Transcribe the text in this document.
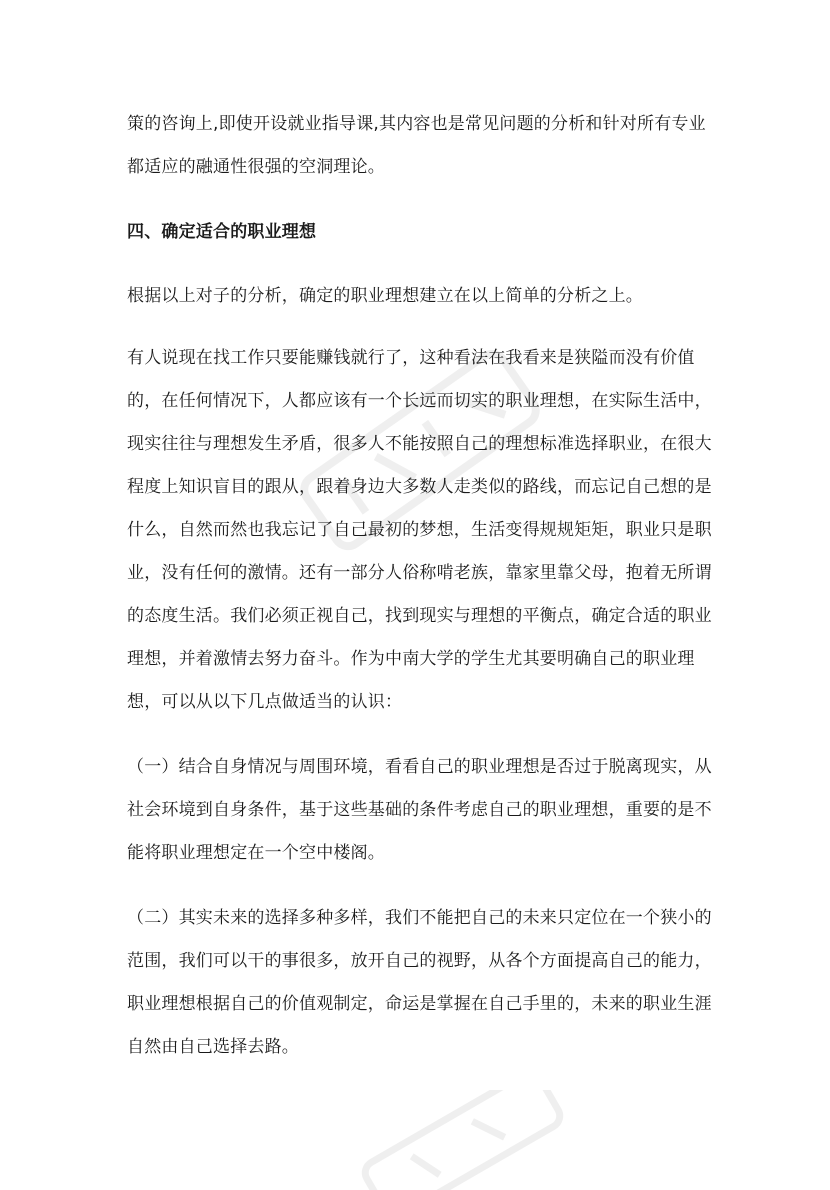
策的咨询上,即使开设就业指导课,其内容也是常见问题的分析和针对所有专业
都适应的融通性很强的空洞理论。
四、确定适合的职业理想
根据以上对子的分析，确定的职业理想建立在以上简单的分析之上。
有人说现在找工作只要能赚钱就行了，这种看法在我看来是狭隘而没有价值
的，在任何情况下，人都应该有一个长远而切实的职业理想，在实际生活中，
现实往往与理想发生矛盾，很多人不能按照自己的理想标准选择职业，在很大
程度上知识盲目的跟从，跟着身边大多数人走类似的路线，而忘记自己想的是
什么，自然而然也我忘记了自己最初的梦想，生活变得规规矩矩，职业只是职
业，没有任何的激情。还有一部分人俗称啃老族，靠家里靠父母，抱着无所谓
的态度生活。我们必须正视自己，找到现实与理想的平衡点，确定合适的职业
理想，并着激情去努力奋斗。作为中南大学的学生尤其要明确自己的职业理
想，可以从以下几点做适当的认识：
（一）结合自身情况与周围环境，看看自己的职业理想是否过于脱离现实，从
社会环境到自身条件，基于这些基础的条件考虑自己的职业理想，重要的是不
能将职业理想定在一个空中楼阁。
（二）其实未来的选择多种多样，我们不能把自己的未来只定位在一个狭小的
范围，我们可以干的事很多，放开自己的视野，从各个方面提高自己的能力，
职业理想根据自己的价值观制定，命运是掌握在自己手里的，未来的职业生涯
自然由自己选择去路。
